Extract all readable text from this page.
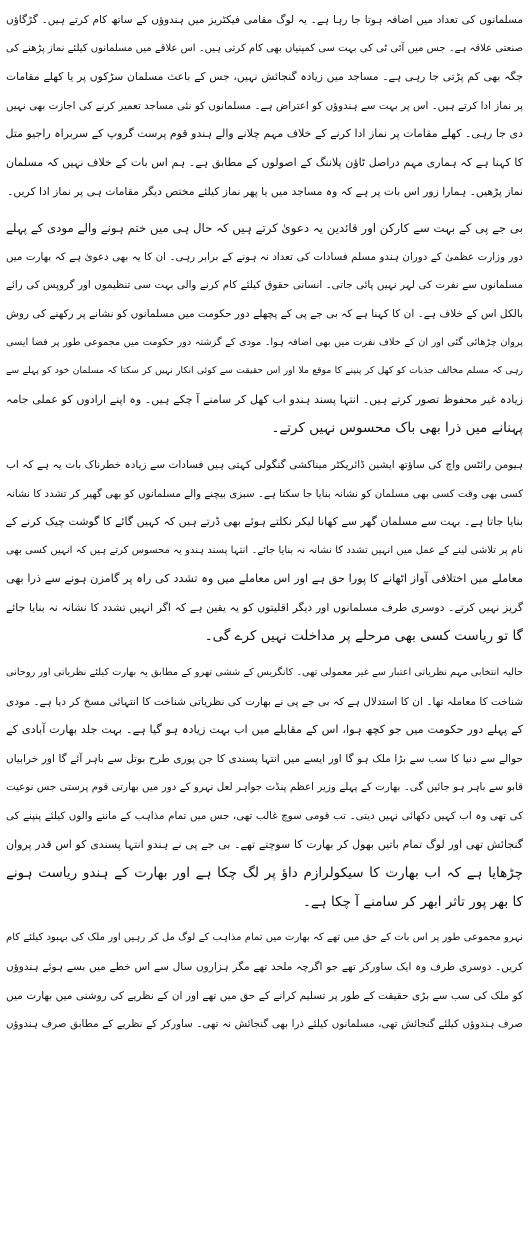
مسلمانوں کی تعداد میں اضافہ ہوتا جا رہا ہے۔ یہ لوگ مقامی فیکٹریز میں ہندوؤں کے ساتھ کام کرتے ہیں۔ گڑگاؤں
صنعتی علاقہ ہے۔ جس میں آئی ٹی کی بہت سی کمپنیاں بھی کام کرتی ہیں۔ اس علاقے میں مسلمانوں کیلئے نماز پڑھنے کی
جگہ بھی کم پڑتی جا رہی ہے۔ مساجد میں زیادہ گنجائش نہیں، جس کے باعث مسلمان سڑکوں پر یا کھلے مقامات
پر نماز ادا کرتے ہیں۔ اس پر بہت سے ہندوؤں کو اعتراض ہے۔ مسلمانوں کو نئی مساجد تعمیر کرنے کی اجازت بھی نہیں
دی جا رہی۔ کھلے مقامات پر نماز ادا کرنے کے خلاف مہم چلانے والے ہندو قوم پرست گروپ کے سربراہ راجیو متل
کا کہنا ہے کہ ہماری مہم دراصل ٹاؤن پلاننگ کے اصولوں کے مطابق ہے۔ ہم اس بات کے خلاف نہیں کہ مسلمان
نماز پڑھیں۔ ہمارا زور اس بات پر ہے کہ وہ مساجد میں یا پھر نماز کیلئے مختص دیگر مقامات ہی پر نماز ادا کریں۔
بی جے پی کے بہت سے کارکن اور قائدین یہ دعویٰ کرتے ہیں کہ حال ہی میں ختم ہونے والے مودی کے پہلے
دور وزارت عظمیٰ کے دوران ہندو مسلم فسادات کی تعداد نہ ہونے کے برابر رہی۔ ان کا یہ بھی دعویٰ ہے کہ بھارت میں
مسلمانوں سے نفرت کی لہر نہیں پائی جاتی۔ انسانی حقوق کیلئے کام کرنے والی بہت سی تنظیموں اور گروپس کی رائے
بالکل اس کے خلاف ہے۔ ان کا کہنا ہے کہ بی جے پی کے پچھلے دور حکومت میں مسلمانوں کو نشانے پر رکھنے کی روش
پروان چڑھائی گئی اور ان کے خلاف نفرت میں بھی اضافہ ہوا۔ مودی کے گزشتہ دور حکومت میں مجموعی طور پر فضا ایسی
رہی کہ مسلم مخالف جذبات کو کھل کر پنپنے کا موقع ملا اور اس حقیقت سے کوئی انکار نہیں کر سکتا کہ مسلمان خود کو پہلے سے
زیادہ غیر محفوظ تصور کرتے ہیں۔ انتہا پسند ہندو اب کھل کر سامنے آ چکے ہیں۔ وہ اپنے ارادوں کو عملی جامہ
پہنانے میں ذرا بھی باک محسوس نہیں کرتے۔
ہیومن رائٹس واچ کی ساؤتھ ایشین ڈائریکٹر میناکشی گنگولی کہتی ہیں فسادات سے زیادہ خطرناک بات یہ ہے کہ اب
کسی بھی وقت کسی بھی مسلمان کو نشانہ بنایا جا سکتا ہے۔ سبزی بیچنے والے مسلمانوں کو بھی گھیر کر تشدد کا نشانہ
بنایا جاتا ہے۔ بہت سے مسلمان گھر سے کھانا لیکر نکلتے ہوئے بھی ڈرتے ہیں کہ کہیں گائے کا گوشت چیک کرنے کے
نام پر تلاشی لینے کے عمل میں انہیں تشدد کا نشانہ نہ بنایا جائے۔ انتہا پسند ہندو یہ محسوس کرتے ہیں کہ انہیں کسی بھی
معاملے میں اختلافی آواز اٹھانے کا پورا حق ہے اور اس معاملے میں وہ تشدد کی راہ پر گامزن ہونے سے ذرا بھی
گریز نہیں کرتے۔ دوسری طرف مسلمانوں اور دیگر اقلیتوں کو یہ یقین ہے کہ اگر انہیں تشدد کا نشانہ نہ بنایا جائے
گا تو ریاست کسی بھی مرحلے پر مداخلت نہیں کرے گی۔
حالیہ انتخابی مہم نظریاتی اعتبار سے غیر معمولی تھی۔ کانگریس کے ششی تھرو کے مطابق یہ بھارت کیلئے نظریاتی اور روحانی
شناخت کا معاملہ تھا۔ ان کا استدلال ہے کہ بی جے پی نے بھارت کی نظریاتی شناخت کا انتہائی مسخ کر دیا ہے۔ مودی
کے پہلے دور حکومت میں جو کچھ ہوا، اس کے مقابلے میں اب بہت زیادہ ہو گیا ہے۔ بہت جلد بھارت آبادی کے
حوالے سے دنیا کا سب سے بڑا ملک ہو گا اور ایسے میں انتہا پسندی کا جن پوری طرح بوتل سے باہر آئے گا اور خرابیاں
قابو سے باہر ہو جائیں گی۔ بھارت کے پہلے وزیر اعظم پنڈت جواہر لعل نہرو کے دور میں بھارتی قوم پرستی جس نوعیت
کی تھی وہ اب کہیں دکھائی نہیں دیتی۔ تب قومی سوچ غالب تھی، جس میں تمام مذاہب کے ماننے والوں کیلئے پنپنے کی
گنجائش تھی اور لوگ تمام باتیں بھول کر بھارت کا سوچتے تھے۔ بی جے پی نے ہندو انتہا پسندی کو اس قدر پروان
چڑھایا ہے کہ اب بھارت کا سیکولرازم داؤ پر لگ چکا ہے اور بھارت کے ہندو ریاست ہونے
کا بھر پور تاثر ابھر کر سامنے آ چکا ہے۔
نہرو مجموعی طور پر اس بات کے حق میں تھے کہ بھارت میں تمام مذاہب کے لوگ مل کر رہیں اور ملک کی بہبود کیلئے کام
کریں۔ دوسری طرف وہ ایک ساورکر تھے جو اگرچہ ملحد تھے مگر ہزاروں سال سے اس خطے میں بسے ہوئے ہندوؤں
کو ملک کی سب سے بڑی حقیقت کے طور پر تسلیم کرانے کے حق میں تھے اور ان کے نظریے کی روشنی میں بھارت میں
صرف ہندوؤں کیلئے گنجائش تھی، مسلمانوں کیلئے ذرا بھی گنجائش نہ تھی۔ ساورکر کے نظریے کے مطابق صرف ہندوؤں
